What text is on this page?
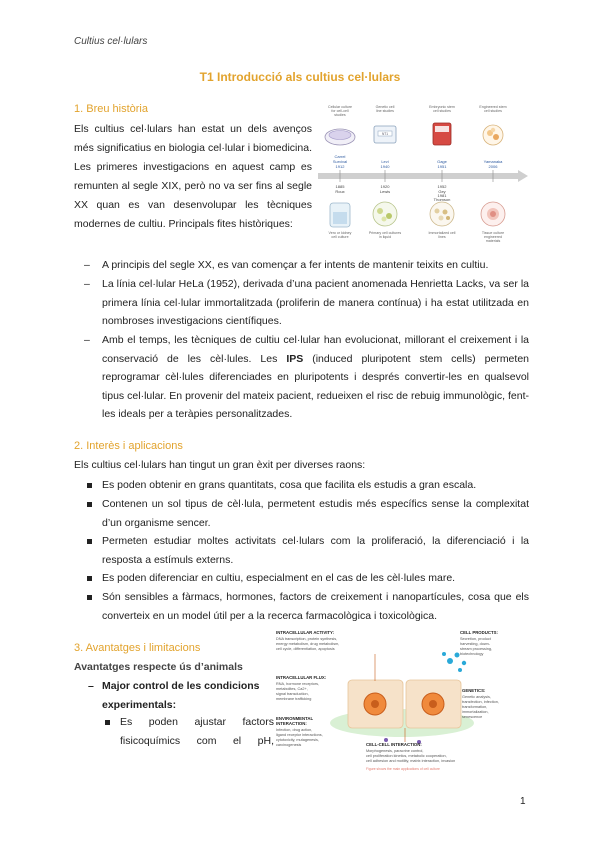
Cultius cel·lulars
T1 Introducció als cultius cel·lulars
1. Breu història
Els cultius cel·lulars han estat un dels avenços més significatius en biologia cel·lular i biomedicina. Les primeres investigacions en aquest camp es remunten al segle XIX, però no va ser fins al segle XX quan es van desenvolupar les tècniques modernes de cultiu. Principals fites històriques:
Cellular culture
for cell-cell
studies
Genetic cell
line studies
Embryonic stem
cell studies
Engineered stem
cell studies
NT1
Carrel
Survival
1912
Levi
1940
Gage
1951
Yamanaka
2006
1885
Roux
1920
Lewis
1952
Gey
1981
Thomson
Vero or kidney
cell culture
Primary cell cultures
in liquid
Immortalized cell
lines
Tissue culture
engineered
materials
– A principis del segle XX, es van començar a fer intents de mantenir teixits en cultiu.
– La línia cel·lular HeLa (1952), derivada d’una pacient anomenada Henrietta Lacks, va ser la primera línia cel·lular immortalitzada (proliferin de manera contínua) i ha estat utilitzada en nombroses investigacions científiques.
– Amb el temps, les tècniques de cultiu cel·lular han evolucionat, millorant el creixement i la conservació de les cèl·lules. Les IPS (induced pluripotent stem cells) permeten reprogramar cèl·lules diferenciades en pluripotents i després convertir-les en qualsevol tipus cel·lular. En provenir del mateix pacient, redueixen el risc de rebuig immunològic, fent-les ideals per a teràpies personalitzades.
2. Interès i aplicacions
Els cultius cel·lulars han tingut un gran èxit per diverses raons:
Es poden obtenir en grans quantitats, cosa que facilita els estudis a gran escala.
Contenen un sol tipus de cèl·lula, permetent estudis més específics sense la complexitat d’un organisme sencer.
Permeten estudiar moltes activitats cel·lulars com la proliferació, la diferenciació i la resposta a estímuls externs.
Es poden diferenciar en cultiu, especialment en el cas de les cèl·lules mare.
Són sensibles a fàrmacs, hormones, factors de creixement i nanopartícules, cosa que els converteix en un model útil per a la recerca farmacològica i toxicològica.
3. Avantatges i limitacions
Avantatges respecte ús d’animals
– Major control de les condicions experimentals:
Es poden ajustar factors fisicoquímics com el pH,
INTRACELLULAR ACTIVITY:
DNA transcription, protein synthesis,
energy metabolism, drug metabolism,
cell cycle, differentiation, apoptosis
INTRACELLULAR FLUX:
RNA, hormone receptors,
metabolites, Ca2+,
signal transduction,
membrane trafficking
ENVIRONMENTAL
INTERACTION:
Infection, drug action,
ligand receptor interactions,
cytotoxicity, mutagenesis,
carcinogenesis
CELL PRODUCTS:
Secretion, product
harvesting, down-
stream processing,
biotechnology
GENETICS:
Genetic analysis,
transfection, infection,
transformation,
immortalization,
senescence
CELL-CELL INTERACTION:
Morphogenesis, paracrine control,
cell proliferation kinetics, metabolic cooperation,
cell adhesion and motility, matrix interaction, invasion
Figure shows the main applications of cell culture
1
